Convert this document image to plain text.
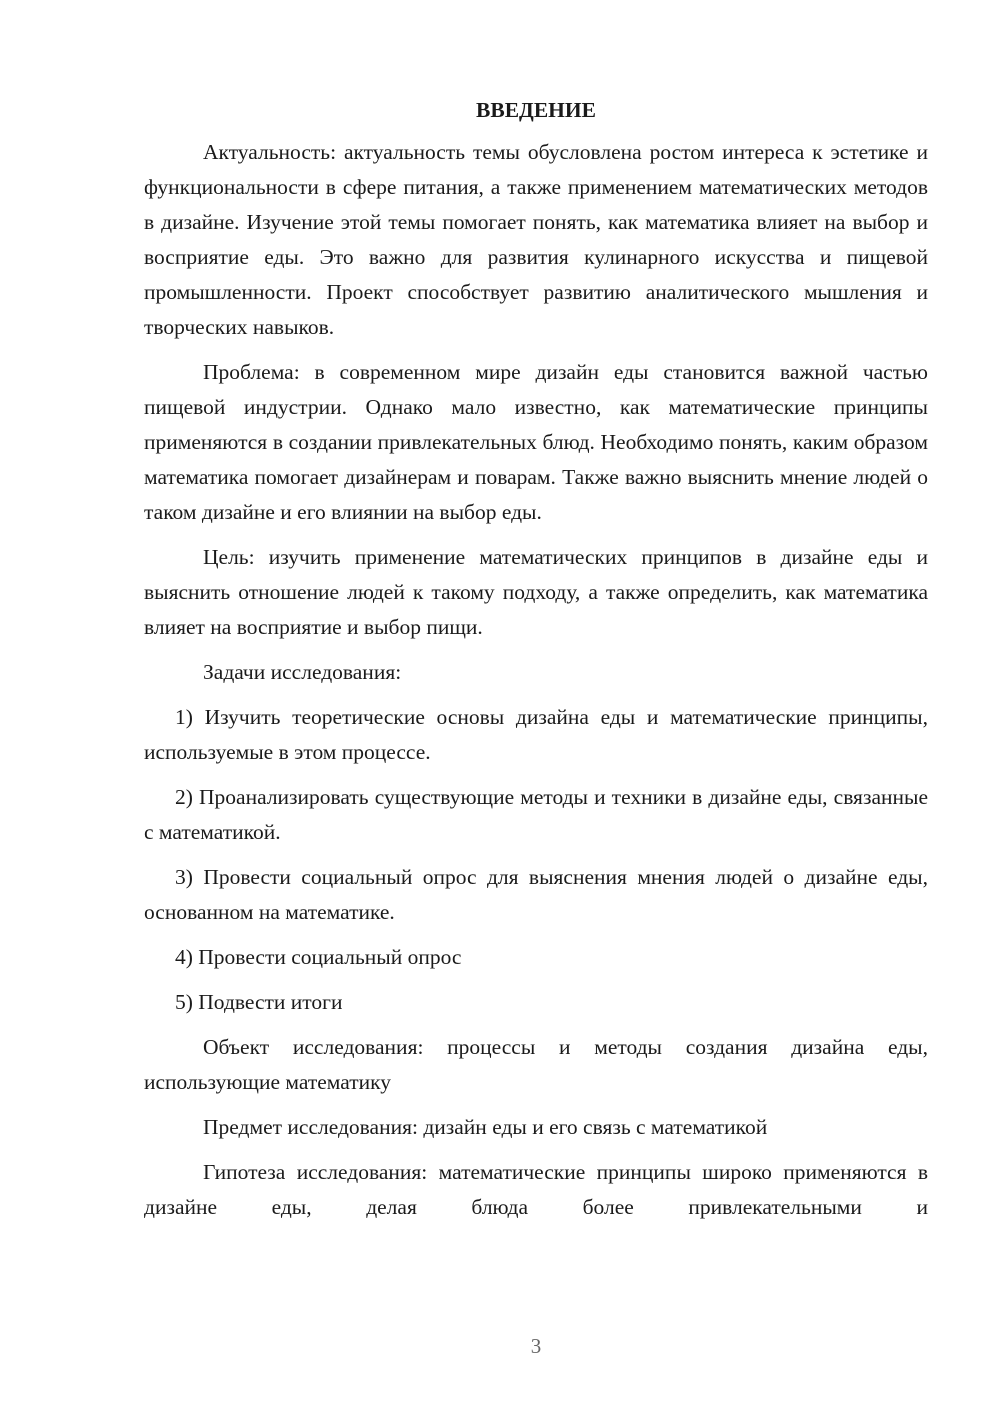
ВВЕДЕНИЕ

Актуальность: актуальность темы обусловлена ростом интереса к эстетике и функциональности в сфере питания, а также применением математических методов в дизайне. Изучение этой темы помогает понять, как математика влияет на выбор и восприятие еды. Это важно для развития кулинарного искусства и пищевой промышленности. Проект способствует развитию аналитического мышления и творческих навыков.

Проблема: в современном мире дизайн еды становится важной частью пищевой индустрии. Однако мало известно, как математические принципы применяются в создании привлекательных блюд. Необходимо понять, каким образом математика помогает дизайнерам и поварам. Также важно выяснить мнение людей о таком дизайне и его влиянии на выбор еды.

Цель: изучить применение математических принципов в дизайне еды и выяснить отношение людей к такому подходу, а также определить, как математика влияет на восприятие и выбор пищи.

Задачи исследования:

1) Изучить теоретические основы дизайна еды и математические принципы, используемые в этом процессе.

2) Проанализировать существующие методы и техники в дизайне еды, связанные с математикой.

3) Провести социальный опрос для выяснения мнения людей о дизайне еды, основанном на математике.

4) Провести социальный опрос

5) Подвести итоги

Объект исследования: процессы и методы создания дизайна еды, использующие математику

Предмет исследования: дизайн еды и его связь с математикой

Гипотеза исследования: математические принципы широко применяются в дизайне еды, делая блюда более привлекательными и

3
